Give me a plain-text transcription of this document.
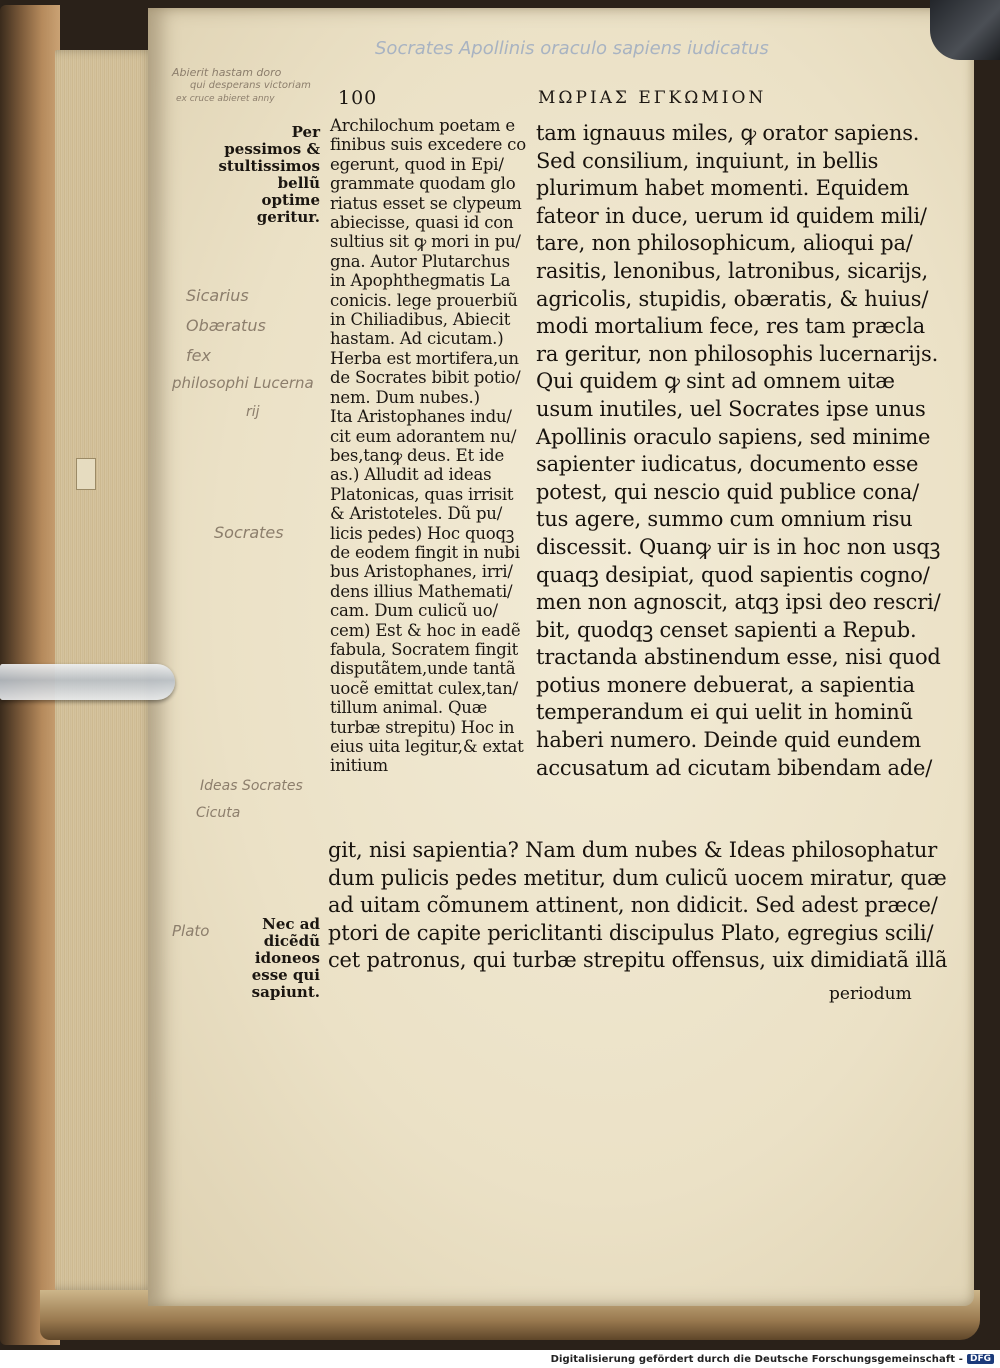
Socrates Apollinis oraculo sapiens iudicatus
100	ΜΩΡΙΑΣ ΕΓΚΩΜΙΟΝ
Abierit hastam doro
qui desperans victoriam
ex cruce abieret anny
Sicarius
Obæratus
fex
philosophi Lucerna
rij
Socrates
Ideas Socrates
Cicuta
Plato
Per pessimos & stultissimos bellũ optime geritur.
Nec ad dicẽdũ idoneos esse qui sapiunt.
Archilochum poetam e
finibus suis excedere co
egerunt, quod in Epi/
grammate quodam glo
riatus esset se clypeum
abiecisse, quasi id con
sultius sit ꝙ mori in pu/
gna. Autor Plutarchus
in Apophthegmatis La
conicis. lege prouerbiũ
in Chiliadibus, Abiecit
hastam. Ad cicutam.)
Herba est mortifera,un
de Socrates bibit potio/
nem. Dum nubes.)
Ita Aristophanes indu/
cit eum adorantem nu/
bes,tanꝙ deus. Et ide
as.) Alludit ad ideas
Platonicas, quas irrisit
& Aristoteles. Dũ pu/
licis pedes) Hoc quoqꝫ
de eodem fingit in nubi
bus Aristophanes, irri/
dens illius Mathemati/
cam. Dum culicũ uo/
cem) Est & hoc in eadẽ
fabula, Socratem fingit
disputãtem,unde tantã
uocẽ emittat culex,tan/
tillum animal. Quæ
turbæ strepitu) Hoc in
eius uita legitur,& extat
initium
tam ignauus miles, ꝙ orator sapiens.
Sed consilium, inquiunt, in bellis
plurimum habet momenti. Equidem
fateor in duce, uerum id quidem mili/
tare, non philosophicum, alioqui pa/
rasitis, lenonibus, latronibus, sicarijs,
agricolis, stupidis, obæratis, & huius/
modi mortalium fece, res tam præcla
ra geritur, non philosophis lucernarijs.
Qui quidem ꝙ sint ad omnem uitæ
usum inutiles, uel Socrates ipse unus
Apollinis oraculo sapiens, sed minime
sapienter iudicatus, documento esse
potest, qui nescio quid publice cona/
tus agere, summo cum omnium risu
discessit. Quanꝙ uir is in hoc non usqꝫ
quaqꝫ desipiat, quod sapientis cogno/
men non agnoscit, atqꝫ ipsi deo rescri/
bit, quodqꝫ censet sapienti a Repub.
tractanda abstinendum esse, nisi quod
potius monere debuerat, a sapientia
temperandum ei qui uelit in hominũ
haberi numero. Deinde quid eundem
accusatum ad cicutam bibendam ade/
git, nisi sapientia? Nam dum nubes & Ideas philosophatur
dum pulicis pedes metitur, dum culicũ uocem miratur, quæ
ad uitam cõmunem attinent, non didicit. Sed adest præce/
ptori de capite periclitanti discipulus Plato, egregius scili/
cet patronus, qui turbæ strepitu offensus, uix dimidiatã illã
periodum
Digitalisierung gefördert durch die Deutsche Forschungsgemeinschaft - DFG
